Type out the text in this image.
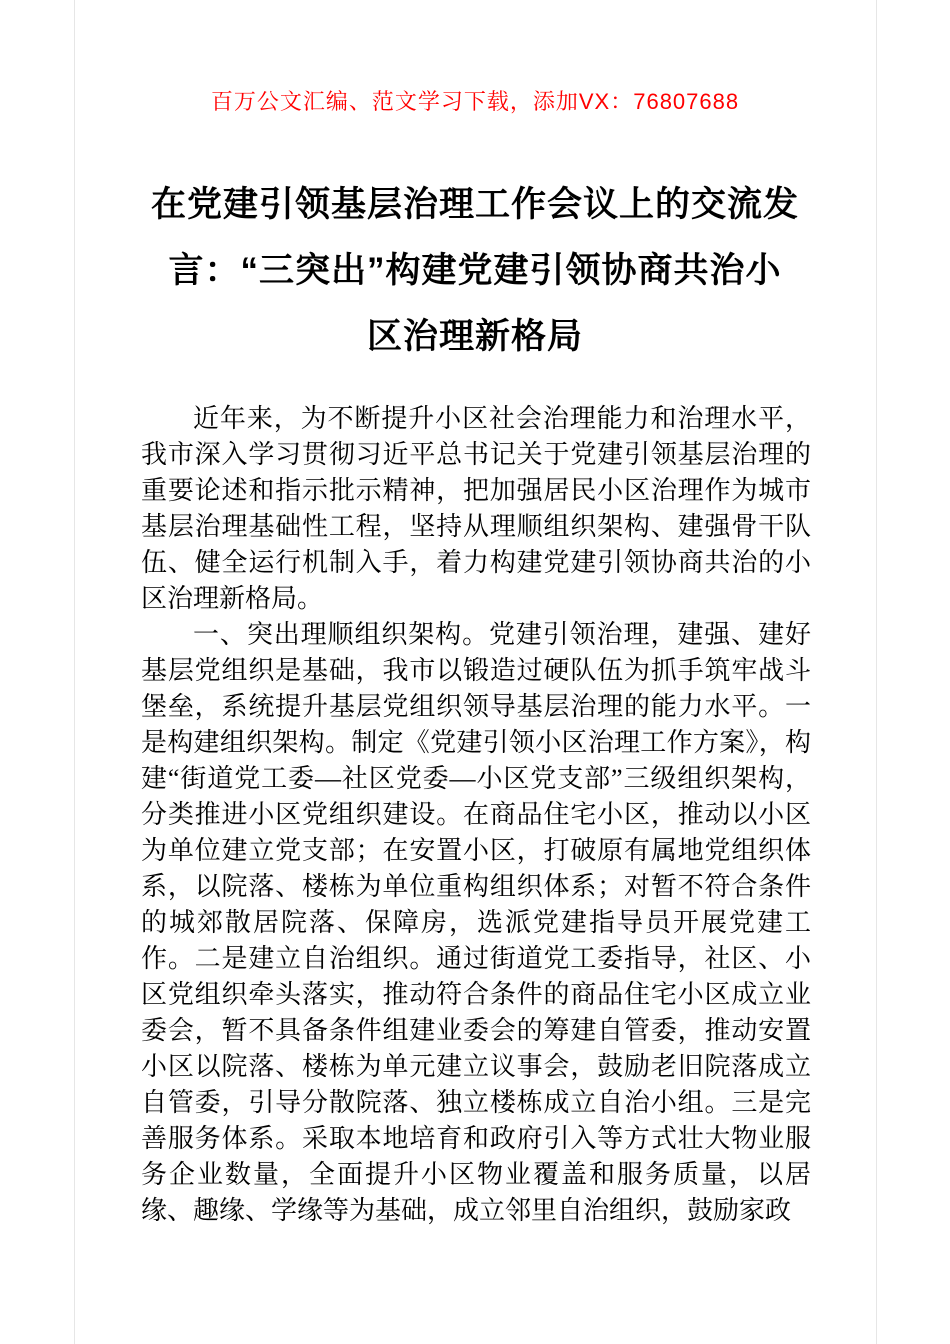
百万公文汇编、范文学习下载，添加VX：76807688
在党建引领基层治理工作会议上的交流发
言：“三突出”构建党建引领协商共治小
区治理新格局

近年来，为不断提升小区社会治理能力和治理水平，我市深入学习贯彻习近平总书记关于党建引领基层治理的重要论述和指示批示精神，把加强居民小区治理作为城市基层治理基础性工程，坚持从理顺组织架构、建强骨干队伍、健全运行机制入手，着力构建党建引领协商共治的小区治理新格局。

一、突出理顺组织架构。党建引领治理，建强、建好基层党组织是基础，我市以锻造过硬队伍为抓手筑牢战斗堡垒，系统提升基层党组织领导基层治理的能力水平。一是构建组织架构。制定《党建引领小区治理工作方案》，构建“街道党工委—社区党委—小区党支部”三级组织架构，分类推进小区党组织建设。在商品住宅小区，推动以小区为单位建立党支部；在安置小区，打破原有属地党组织体系，以院落、楼栋为单位重构组织体系；对暂不符合条件的城郊散居院落、保障房，选派党建指导员开展党建工作。二是建立自治组织。通过街道党工委指导，社区、小区党组织牵头落实，推动符合条件的商品住宅小区成立业委会，暂不具备条件组建业委会的筹建自管委，推动安置小区以院落、楼栋为单元建立议事会，鼓励老旧院落成立自管委，引导分散院落、独立楼栋成立自治小组。三是完善服务体系。采取本地培育和政府引入等方式壮大物业服务企业数量，全面提升小区物业覆盖和服务质量，以居缘、趣缘、学缘等为基础，成立邻里自治组织，鼓励家政
